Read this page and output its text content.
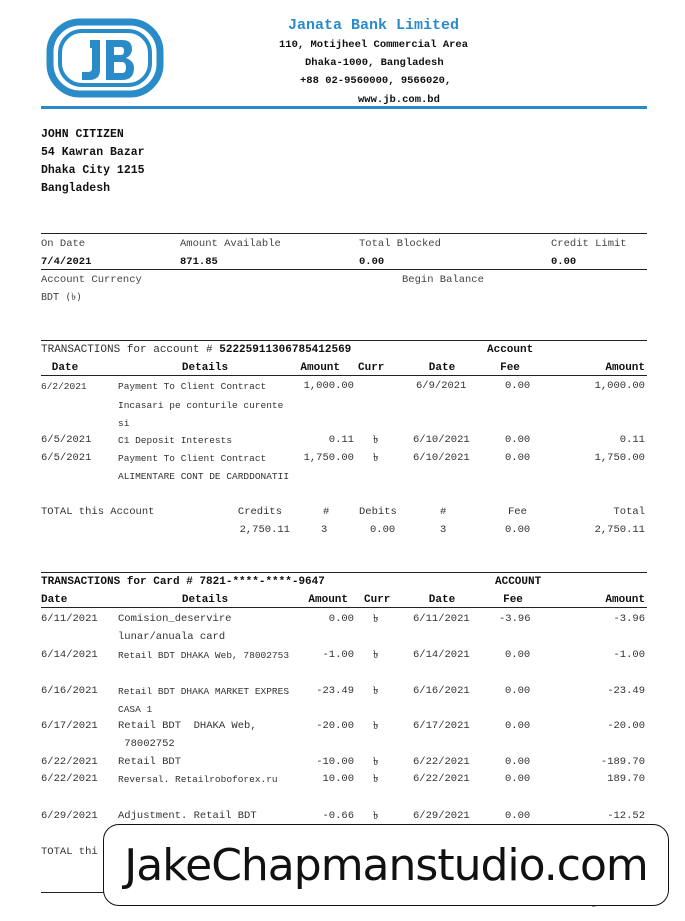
Janata Bank Limited
110, Motijheel Commercial Area
Dhaka-1000, Bangladesh
+88 02-9560000, 9566020,
www.jb.com.bd
JOHN CITIZEN
54 Kawran Bazar
Dhaka City 1215
Bangladesh
On Date	Amount Available	Total Blocked	Credit Limit
7/4/2021	871.85	0.00	0.00
Account Currency	Begin Balance
BDT (৳)
TRANSACTIONS for account # 52225911306785412569	Account
Date	Details	Amount Curr	Date	Fee	Amount
6/2/2021	Payment To Client Contract
Incasari pe conturile curente
si
1,000.00	6/9/2021	0.00	1,000.00
6/5/2021	C1 Deposit Interests	0.11 ৳	6/10/2021	0.00	0.11
6/5/2021	Payment To Client Contract
ALIMENTARE CONT DE CARDDONATII
1,750.00 ৳	6/10/2021	0.00	1,750.00
TOTAL this Account	Credits	#	Debits	#	Fee	Total
2,750.11	3	0.00	3	0.00	2,750.11
TRANSACTIONS for Card # 7821-****-****-9647	ACCOUNT
Date	Details	Amount Curr	Date	Fee	Amount
6/11/2021 Comision_deservire
lunar/anuala card
0.00 ৳	6/11/2021	-3.96	-3.96
6/14/2021 Retail BDT DHAKA Web, 78002753	-1.00 ৳	6/14/2021	0.00	-1.00
6/16/2021 Retail BDT DHAKA MARKET EXPRES
CASA 1
-23.49 ৳	6/16/2021	0.00	-23.49
6/17/2021 Retail BDT  DHAKA Web,
78002752
-20.00 ৳	6/17/2021	0.00	-20.00
6/22/2021 Retail BDT	-10.00 ৳	6/22/2021	0.00	-189.70
6/22/2021 Reversal. Retailroboforex.ru	10.00 ৳	6/22/2021	0.00	189.70
6/29/2021 Adjustment. Retail BDT	-0.66 ৳	6/29/2021	0.00	-12.52
TOTAL thi JakeChapmanstudio.com
